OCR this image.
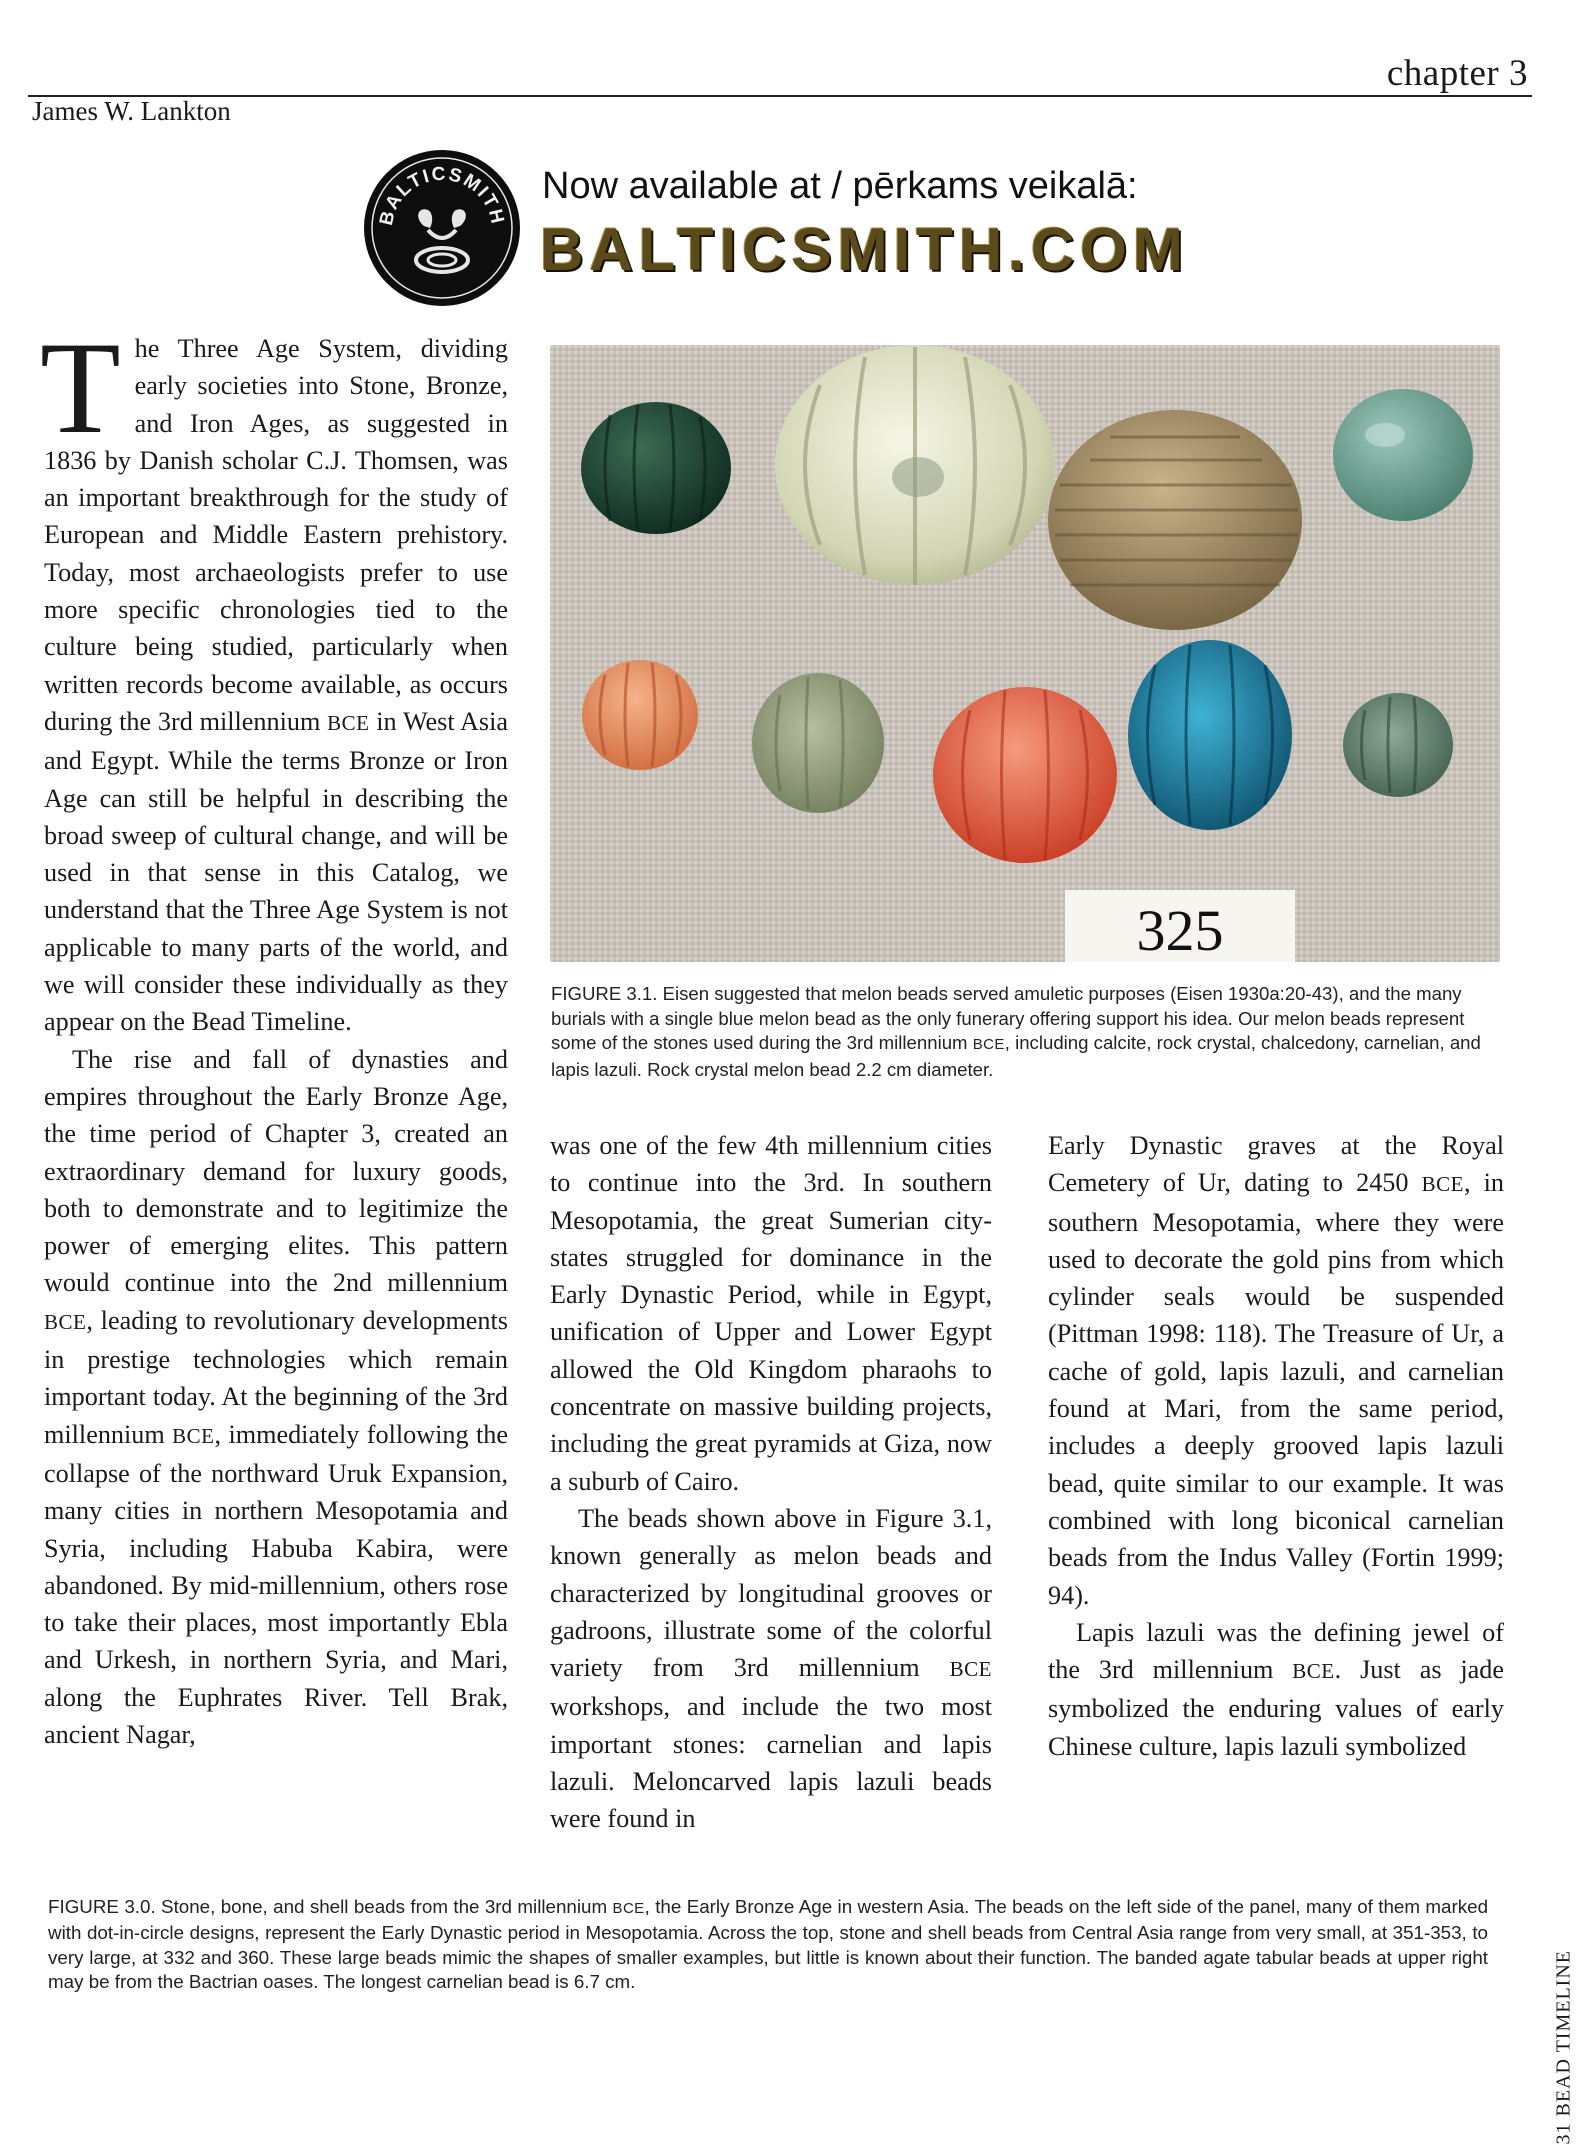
chapter 3
James W. Lankton
BALTICSMITH
Now available at / pērkams veikalā:
BALTICSMITH.COM
325
FIGURE 3.1. Eisen suggested that melon beads served amuletic purposes (Eisen 1930a:20-43), and the many burials with a single blue melon bead as the only funerary offering support his idea. Our melon beads represent some of the stones used during the 3rd millennium BCE, including calcite, rock crystal, chalcedony, carnelian, and lapis lazuli. Rock crystal melon bead 2.2 cm diameter.

The Three Age System, dividing early societies into Stone, Bronze, and Iron Ages, as suggested in 1836 by Danish scholar C.J. Thomsen, was an important breakthrough for the study of European and Middle Eastern prehistory. Today, most archaeologists prefer to use more specific chronologies tied to the culture being studied, particularly when written records become available, as occurs during the 3rd millennium BCE in West Asia and Egypt. While the terms Bronze or Iron Age can still be helpful in describing the broad sweep of cultural change, and will be used in that sense in this Catalog, we understand that the Three Age System is not applicable to many parts of the world, and we will consider these individually as they appear on the Bead Timeline.

The rise and fall of dynasties and empires throughout the Early Bronze Age, the time period of Chapter 3, created an extraordinary demand for luxury goods, both to demonstrate and to legitimize the power of emerging elites. This pattern would continue into the 2nd millennium BCE, leading to revolutionary developments in prestige technologies which remain important today. At the beginning of the 3rd millennium BCE, immediately following the collapse of the northward Uruk Expansion, many cities in northern Mesopotamia and Syria, including Habuba Kabira, were abandoned. By mid-millennium, others rose to take their places, most importantly Ebla and Urkesh, in northern Syria, and Mari, along the Euphrates River. Tell Brak, ancient Nagar,

was one of the few 4th millennium cities to continue into the 3rd. In southern Mesopotamia, the great Sumerian city-states struggled for dominance in the Early Dynastic Period, while in Egypt, unification of Upper and Lower Egypt allowed the Old Kingdom pharaohs to concentrate on massive building projects, including the great pyramids at Giza, now a suburb of Cairo.

The beads shown above in Figure 3.1, known generally as melon beads and characterized by longitudinal grooves or gadroons, illustrate some of the colorful variety from 3rd millennium BCE workshops, and include the two most important stones: carnelian and lapis lazuli. Meloncarved lapis lazuli beads were found in

Early Dynastic graves at the Royal Cemetery of Ur, dating to 2450 BCE, in southern Mesopotamia, where they were used to decorate the gold pins from which cylinder seals would be suspended (Pittman 1998: 118). The Treasure of Ur, a cache of gold, lapis lazuli, and carnelian found at Mari, from the same period, includes a deeply grooved lapis lazuli bead, quite similar to our example. It was combined with long biconical carnelian beads from the Indus Valley (Fortin 1999; 94).

Lapis lazuli was the defining jewel of the 3rd millennium BCE. Just as jade symbolized the enduring values of early Chinese culture, lapis lazuli symbolized

FIGURE 3.0. Stone, bone, and shell beads from the 3rd millennium BCE, the Early Bronze Age in western Asia. The beads on the left side of the panel, many of them marked with dot-in-circle designs, represent the Early Dynastic period in Mesopotamia. Across the top, stone and shell beads from Central Asia range from very small, at 351-353, to very large, at 332 and 360. These large beads mimic the shapes of smaller examples, but little is known about their function. The banded agate tabular beads at upper right may be from the Bactrian oases. The longest carnelian bead is 6.7 cm.	31 BEAD TIMELINE
